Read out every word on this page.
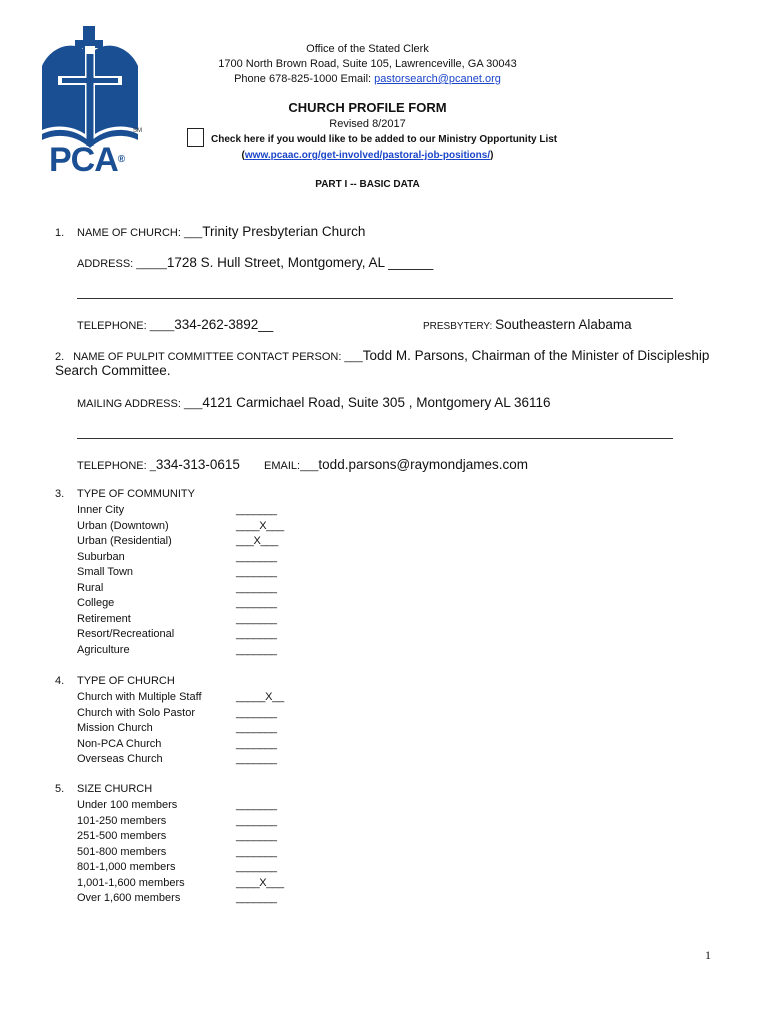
SM
PCA®
Office of the Stated Clerk
1700 North Brown Road, Suite 105, Lawrenceville, GA 30043
Phone 678-825-1000 Email: pastorsearch@pcanet.org
CHURCH PROFILE FORM
Revised 8/2017
Check here if you would like to be added to our Ministry Opportunity List
(www.pcaac.org/get-involved/pastoral-job-positions/)
PART I -- BASIC DATA
1. NAME OF CHURCH: ___Trinity Presbyterian Church
ADDRESS: _____1728 S. Hull Street, Montgomery, AL ______
TELEPHONE: ____334-262-3892__	PRESBYTERY: Southeastern Alabama
2. NAME OF PULPIT COMMITTEE CONTACT PERSON: ___Todd M. Parsons, Chairman of the Minister of Discipleship
Search Committee.
MAILING ADDRESS: ___4121 Carmichael Road, Suite 305 , Montgomery AL 36116
TELEPHONE: _334-313-0615 EMAIL:___todd.parsons@raymondjames.com
3. TYPE OF COMMUNITY
Inner City	_______
Urban (Downtown)	____X___
Urban (Residential)	___X___
Suburban	_______
Small Town	_______
Rural	_______
College	_______
Retirement	_______
Resort/Recreational	_______
Agriculture	_______
4. TYPE OF CHURCH
Church with Multiple Staff	_____X__
Church with Solo Pastor	_______
Mission Church	_______
Non-PCA Church	_______
Overseas Church	_______
5. SIZE CHURCH
Under 100 members	_______
101-250 members	_______
251-500 members	_______
501-800 members	_______
801-1,000 members	_______
1,001-1,600 members	____X___
Over 1,600 members	_______
1
